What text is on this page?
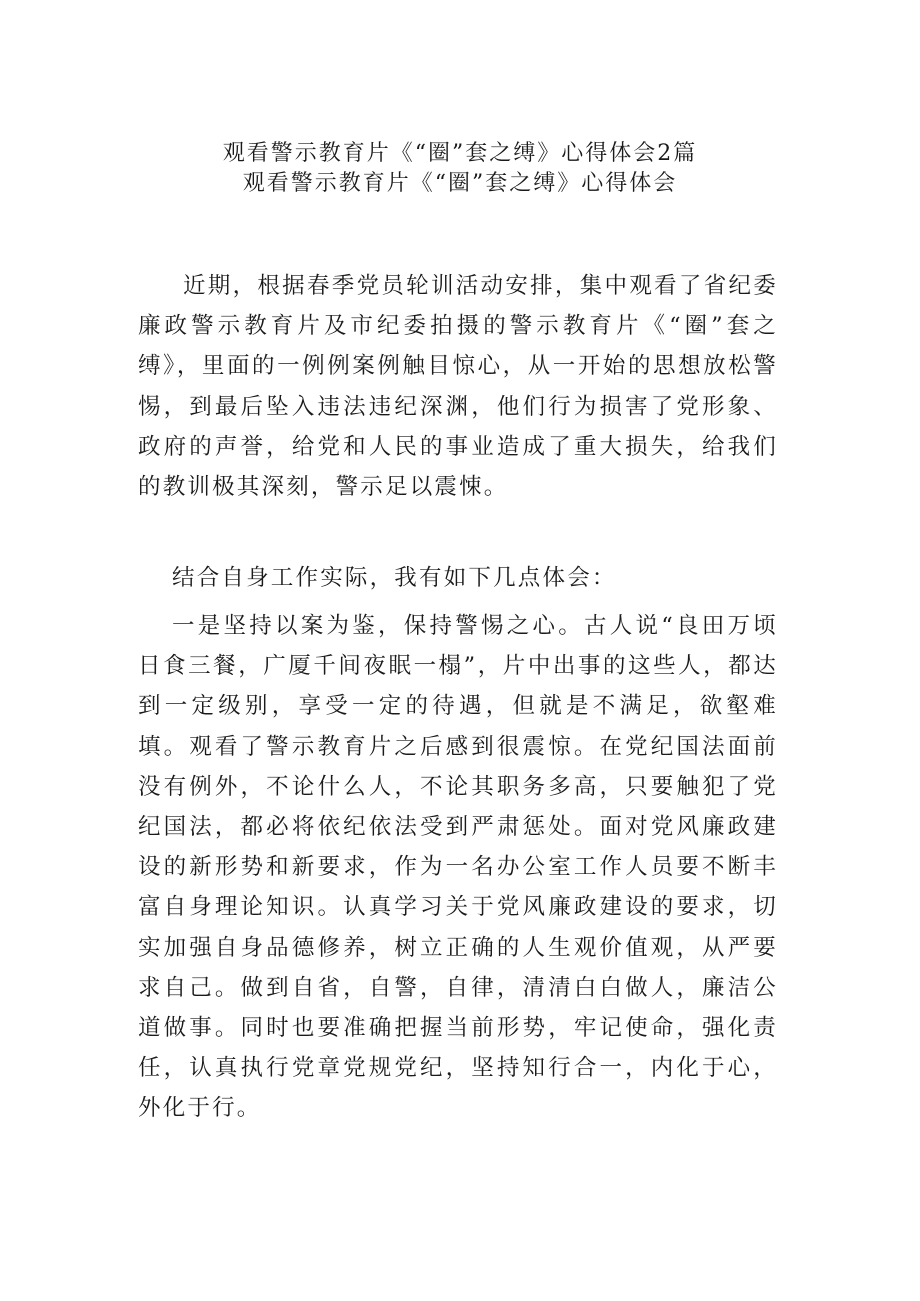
观看警示教育片《“圈”套之缚》心得体会2篇
观看警示教育片《“圈”套之缚》心得体会

近期，根据春季党员轮训活动安排，集中观看了省纪委廉政警示教育片及市纪委拍摄的警示教育片《“圈”套之缚》，里面的一例例案例触目惊心，从一开始的思想放松警惕，到最后坠入违法违纪深渊，他们行为损害了党形象、政府的声誉，给党和人民的事业造成了重大损失，给我们的教训极其深刻，警示足以震悚。

结合自身工作实际，我有如下几点体会：

一是坚持以案为鉴，保持警惕之心。古人说“良田万顷日食三餐，广厦千间夜眠一榻”，片中出事的这些人，都达到一定级别，享受一定的待遇，但就是不满足，欲壑难填。观看了警示教育片之后感到很震惊。在党纪国法面前没有例外，不论什么人，不论其职务多高，只要触犯了党纪国法，都必将依纪依法受到严肃惩处。面对党风廉政建设的新形势和新要求，作为一名办公室工作人员要不断丰富自身理论知识。认真学习关于党风廉政建设的要求，切实加强自身品德修养，树立正确的人生观价值观，从严要求自己。做到自省，自警，自律，清清白白做人，廉洁公道做事。同时也要准确把握当前形势，牢记使命，强化责任，认真执行党章党规党纪，坚持知行合一，内化于心，外化于行。
